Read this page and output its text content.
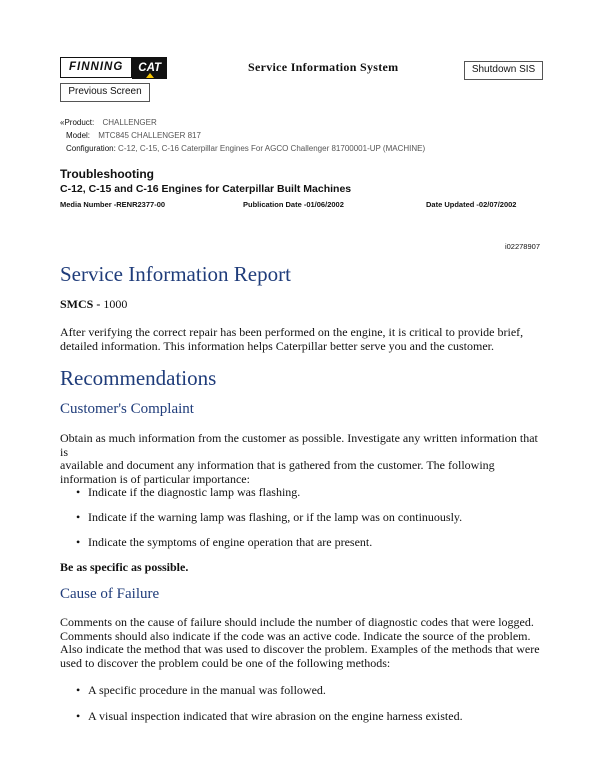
FINNING	CAT	Service Information System	Shutdown SIS
Previous Screen
«Product: CHALLENGER
Model: MTC845 CHALLENGER 817
Configuration: C-12, C-15, C-16 Caterpillar Engines For AGCO Challenger 81700001-UP (MACHINE)
Troubleshooting
C-12, C-15 and C-16 Engines for Caterpillar Built Machines
Media Number -RENR2377-00	Publication Date -01/06/2002	Date Updated -02/07/2002
i02278907
Service Information Report
SMCS - 1000
After verifying the correct repair has been performed on the engine, it is critical to provide brief,
detailed information. This information helps Caterpillar better serve you and the customer.
Recommendations
Customer's Complaint
Obtain as much information from the customer as possible. Investigate any written information that is
available and document any information that is gathered from the customer. The following
information is of particular importance:
• Indicate if the diagnostic lamp was flashing.
• Indicate if the warning lamp was flashing, or if the lamp was on continuously.
• Indicate the symptoms of engine operation that are present.
Be as specific as possible.
Cause of Failure
Comments on the cause of failure should include the number of diagnostic codes that were logged.
Comments should also indicate if the code was an active code. Indicate the source of the problem.
Also indicate the method that was used to discover the problem. Examples of the methods that were
used to discover the problem could be one of the following methods:
• A specific procedure in the manual was followed.
• A visual inspection indicated that wire abrasion on the engine harness existed.
